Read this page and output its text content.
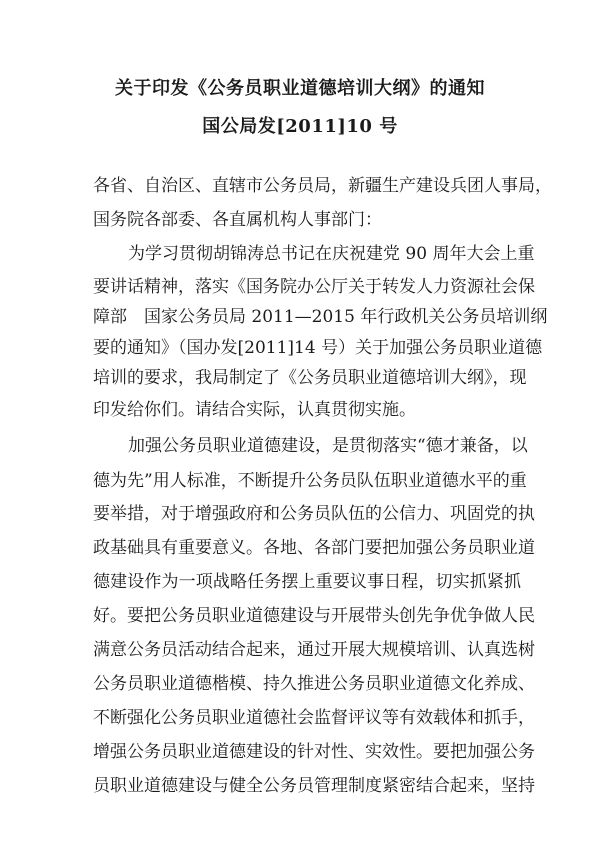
关于印发《公务员职业道德培训大纲》的通知
国公局发[2011]10 号
各省、自治区、直辖市公务员局，新疆生产建设兵团人事局，
国务院各部委、各直属机构人事部门：
为学习贯彻胡锦涛总书记在庆祝建党 90 周年大会上重
要讲话精神，落实《国务院办公厅关于转发人力资源社会保
障部　国家公务员局 2011—2015 年行政机关公务员培训纲
要的通知》（国办发[2011]14 号）关于加强公务员职业道德
培训的要求，我局制定了《公务员职业道德培训大纲》，现
印发给你们。请结合实际，认真贯彻实施。
加强公务员职业道德建设，是贯彻落实“德才兼备，以
德为先”用人标准，不断提升公务员队伍职业道德水平的重
要举措，对于增强政府和公务员队伍的公信力、巩固党的执
政基础具有重要意义。各地、各部门要把加强公务员职业道
德建设作为一项战略任务摆上重要议事日程，切实抓紧抓
好。要把公务员职业道德建设与开展带头创先争优争做人民
满意公务员活动结合起来，通过开展大规模培训、认真选树
公务员职业道德楷模、持久推进公务员职业道德文化养成、
不断强化公务员职业道德社会监督评议等有效载体和抓手，
增强公务员职业道德建设的针对性、实效性。要把加强公务
员职业道德建设与健全公务员管理制度紧密结合起来，坚持
